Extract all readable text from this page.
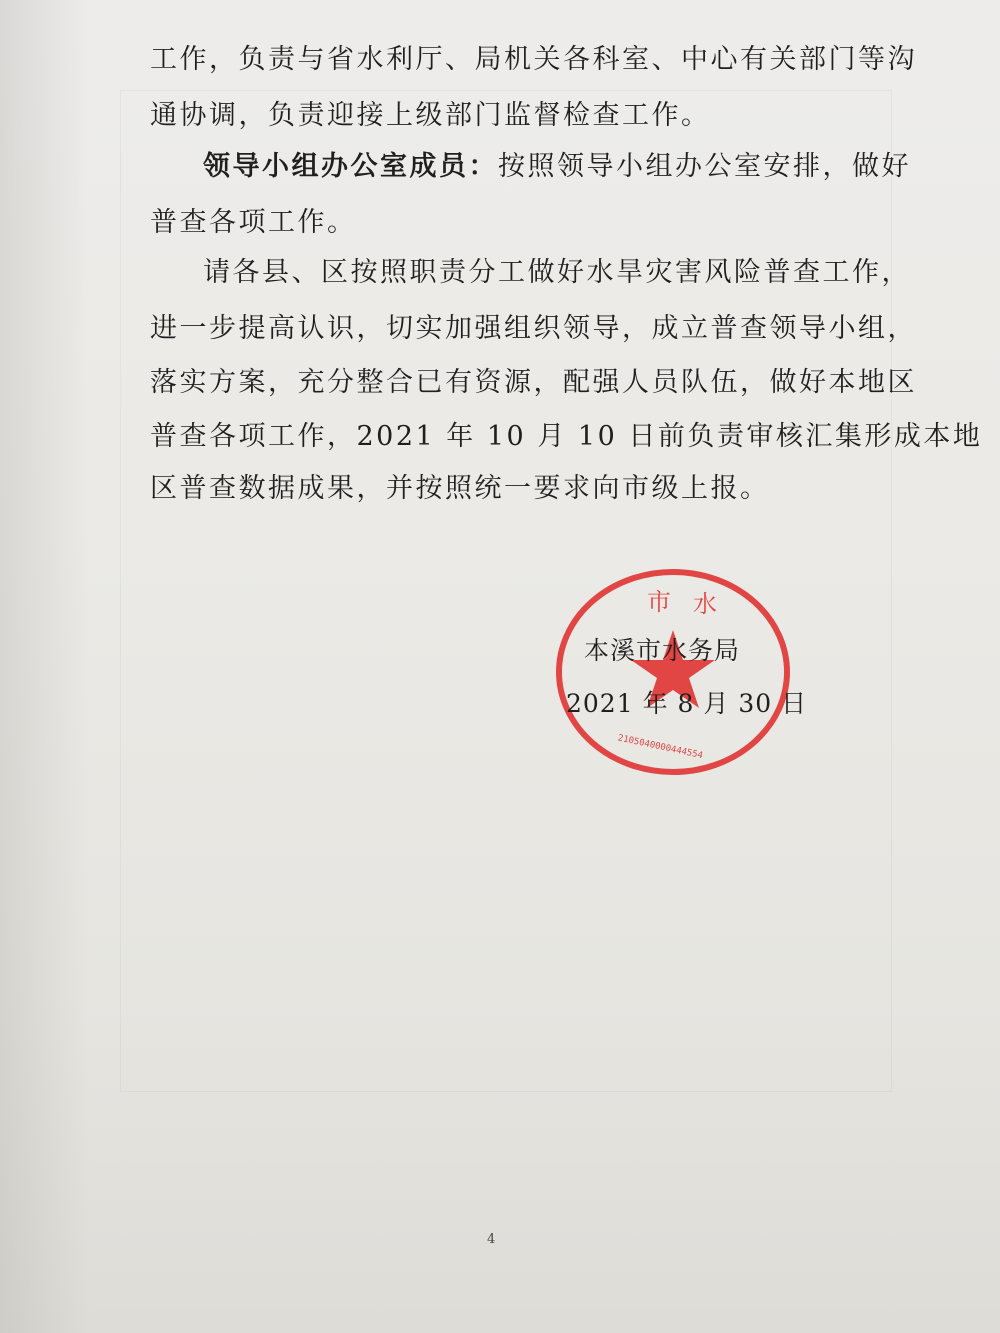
工作，负责与省水利厅、局机关各科室、中心有关部门等沟
通协调，负责迎接上级部门监督检查工作。
领导小组办公室成员：按照领导小组办公室安排，做好
普查各项工作。
请各县、区按照职责分工做好水旱灾害风险普查工作，
进一步提高认识，切实加强组织领导，成立普查领导小组，
落实方案，充分整合已有资源，配强人员队伍，做好本地区
普查各项工作，2021 年 10 月 10 日前负责审核汇集形成本地
区普查数据成果，并按照统一要求向市级上报。
市 水
2105040000444554
本溪市水务局
2021 年 8 月 30 日
4
